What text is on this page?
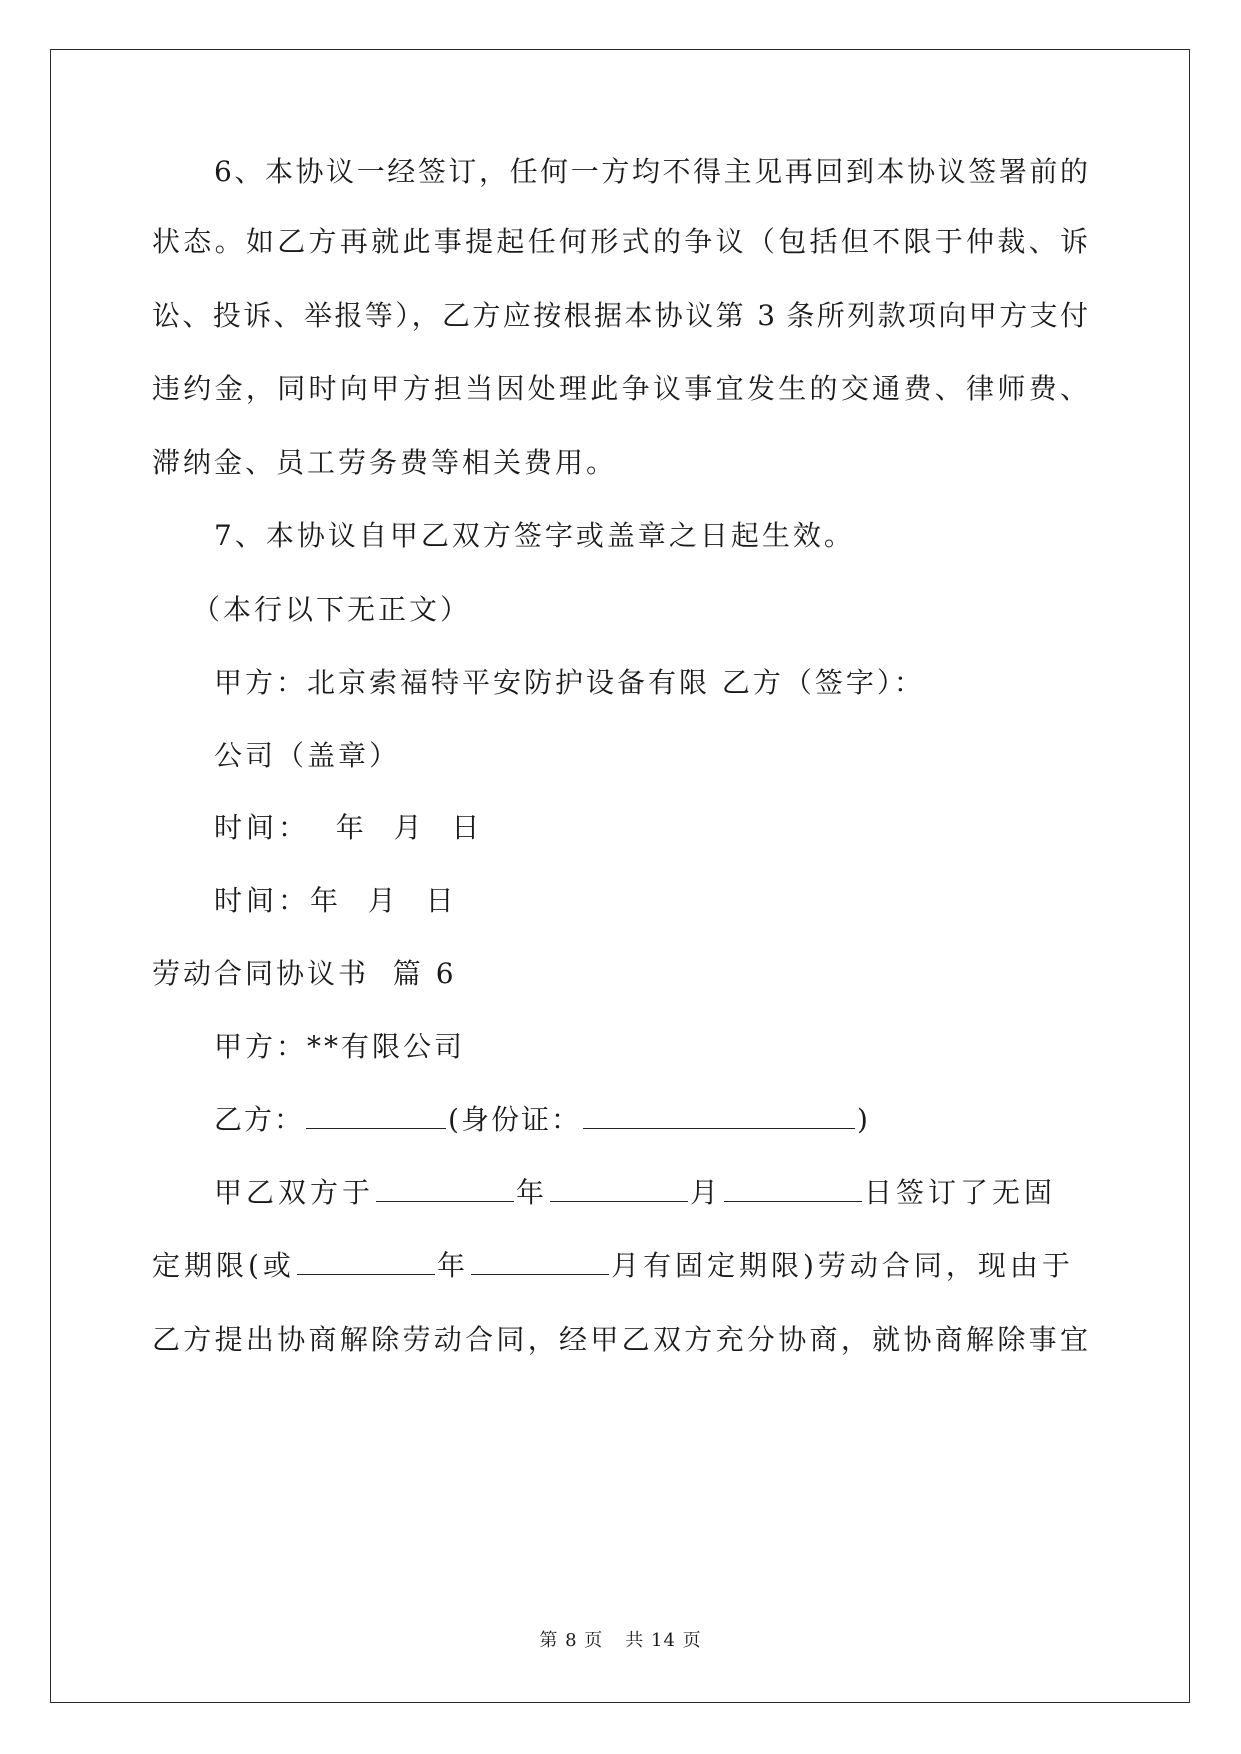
6、本协议一经签订，任何一方均不得主见再回到本协议签署前的
状态。如乙方再就此事提起任何形式的争议（包括但不限于仲裁、诉
讼、投诉、举报等），乙方应按根据本协议第 3 条所列款项向甲方支付
违约金，同时向甲方担当因处理此争议事宜发生的交通费、律师费、
滞纳金、员工劳务费等相关费用。
7、本协议自甲乙双方签字或盖章之日起生效。
（本行以下无正文）
甲方：北京索福特平安防护设备有限 乙方（签字）：
公司（盖章）
时间：  年  月  日
时间：年  月  日
劳动合同协议书  篇 6
甲方：**有限公司
乙方：	(身份证：	)
甲乙双方于	年	月	日签订了无固
定期限(或	年	月有固定期限)劳动合同，现由于
乙方提出协商解除劳动合同，经甲乙双方充分协商，就协商解除事宜
第 8 页 共 14 页
